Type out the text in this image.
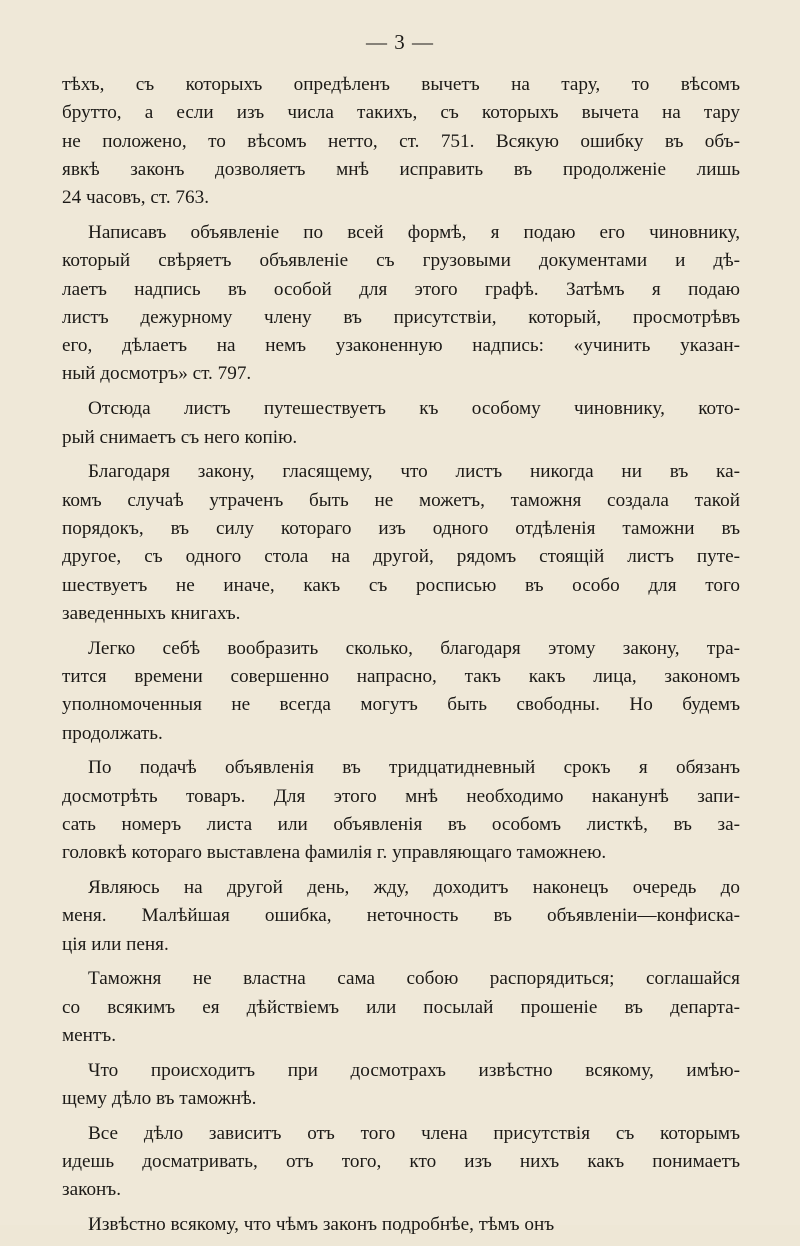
— 3 —
тѣхъ, съ которыхъ опредѣленъ вычетъ на тару, то вѣсомъ
брутто, а если изъ числа такихъ, съ которыхъ вычета на тару
не положено, то вѣсомъ нетто, ст. 751. Всякую ошибку въ объ-
явкѣ законъ дозволяетъ мнѣ исправить въ продолженіе лишь
24 часовъ, ст. 763.
Написавъ объявленіе по всей формѣ, я подаю его чиновнику,
который свѣряетъ объявленіе съ грузовыми документами и дѣ-
лаетъ надпись въ особой для этого графѣ. Затѣмъ я подаю
листъ дежурному члену въ присутствіи, который, просмотрѣвъ
его, дѣлаетъ на немъ узаконенную надпись: «учинить указан-
ный досмотръ» ст. 797.
Отсюда листъ путешествуетъ къ особому чиновнику, кото-
рый снимаетъ съ него копію.
Благодаря закону, гласящему, что листъ никогда ни въ ка-
комъ случаѣ утраченъ быть не можетъ, таможня создала такой
порядокъ, въ силу котораго изъ одного отдѣленія таможни въ
другое, съ одного стола на другой, рядомъ стоящій листъ путе-
шествуетъ не иначе, какъ съ росписью въ особо для того
заведенныхъ книгахъ.
Легко себѣ вообразить сколько, благодаря этому закону, тра-
тится времени совершенно напрасно, такъ какъ лица, закономъ
уполномоченныя не всегда могутъ быть свободны. Но будемъ
продолжать.
По подачѣ объявленія въ тридцатидневный срокъ я обязанъ
досмотрѣть товаръ. Для этого мнѣ необходимо наканунѣ запи-
сать номеръ листа или объявленія въ особомъ листкѣ, въ за-
головкѣ котораго выставлена фамилія г. управляющаго таможнею.
Являюсь на другой день, жду, доходитъ наконецъ очередь до
меня. Малѣйшая ошибка, неточность въ объявленіи—конфиска-
ція или пеня.
Таможня не властна сама собою распорядиться; соглашайся
со всякимъ ея дѣйствіемъ или посылай прошеніе въ департа-
ментъ.
Что происходитъ при досмотрахъ извѣстно всякому, имѣю-
щему дѣло въ таможнѣ.
Все дѣло зависитъ отъ того члена присутствія съ которымъ
идешь досматривать, отъ того, кто изъ нихъ какъ понимаетъ
законъ.
Извѣстно всякому, что чѣмъ законъ подробнѣе, тѣмъ онъ
